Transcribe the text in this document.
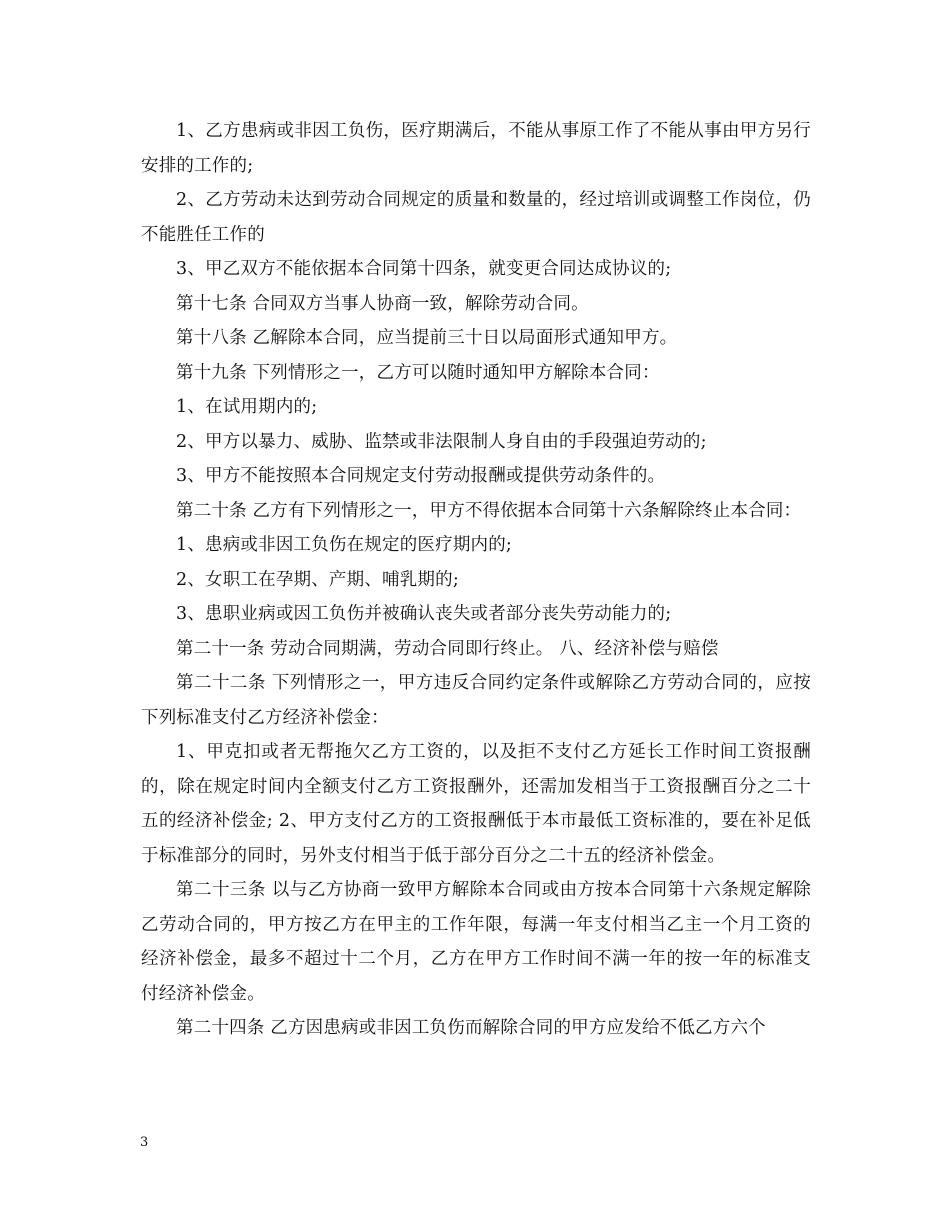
1、乙方患病或非因工负伤，医疗期满后，不能从事原工作了不能从事由甲方另行安排的工作的;

2、乙方劳动未达到劳动合同规定的质量和数量的，经过培训或调整工作岗位，仍不能胜任工作的

3、甲乙双方不能依据本合同第十四条，就变更合同达成协议的;

第十七条 合同双方当事人协商一致，解除劳动合同。

第十八条 乙解除本合同，应当提前三十日以局面形式通知甲方。

第十九条 下列情形之一，乙方可以随时通知甲方解除本合同：

1、在试用期内的;

2、甲方以暴力、威胁、监禁或非法限制人身自由的手段强迫劳动的;

3、甲方不能按照本合同规定支付劳动报酬或提供劳动条件的。

第二十条 乙方有下列情形之一，甲方不得依据本合同第十六条解除终止本合同：

1、患病或非因工负伤在规定的医疗期内的;

2、女职工在孕期、产期、哺乳期的;

3、患职业病或因工负伤并被确认丧失或者部分丧失劳动能力的;

第二十一条 劳动合同期满，劳动合同即行终止。 八、经济补偿与赔偿

第二十二条 下列情形之一，甲方违反合同约定条件或解除乙方劳动合同的，应按下列标准支付乙方经济补偿金：

1、甲克扣或者无帮拖欠乙方工资的，以及拒不支付乙方延长工作时间工资报酬的，除在规定时间内全额支付乙方工资报酬外，还需加发相当于工资报酬百分之二十五的经济补偿金; 2、甲方支付乙方的工资报酬低于本市最低工资标准的，要在补足低于标准部分的同时，另外支付相当于低于部分百分之二十五的经济补偿金。

第二十三条 以与乙方协商一致甲方解除本合同或由方按本合同第十六条规定解除乙劳动合同的，甲方按乙方在甲主的工作年限，每满一年支付相当乙主一个月工资的经济补偿金，最多不超过十二个月，乙方在甲方工作时间不满一年的按一年的标准支付经济补偿金。

第二十四条 乙方因患病或非因工负伤而解除合同的甲方应发给不低乙方六个

3
